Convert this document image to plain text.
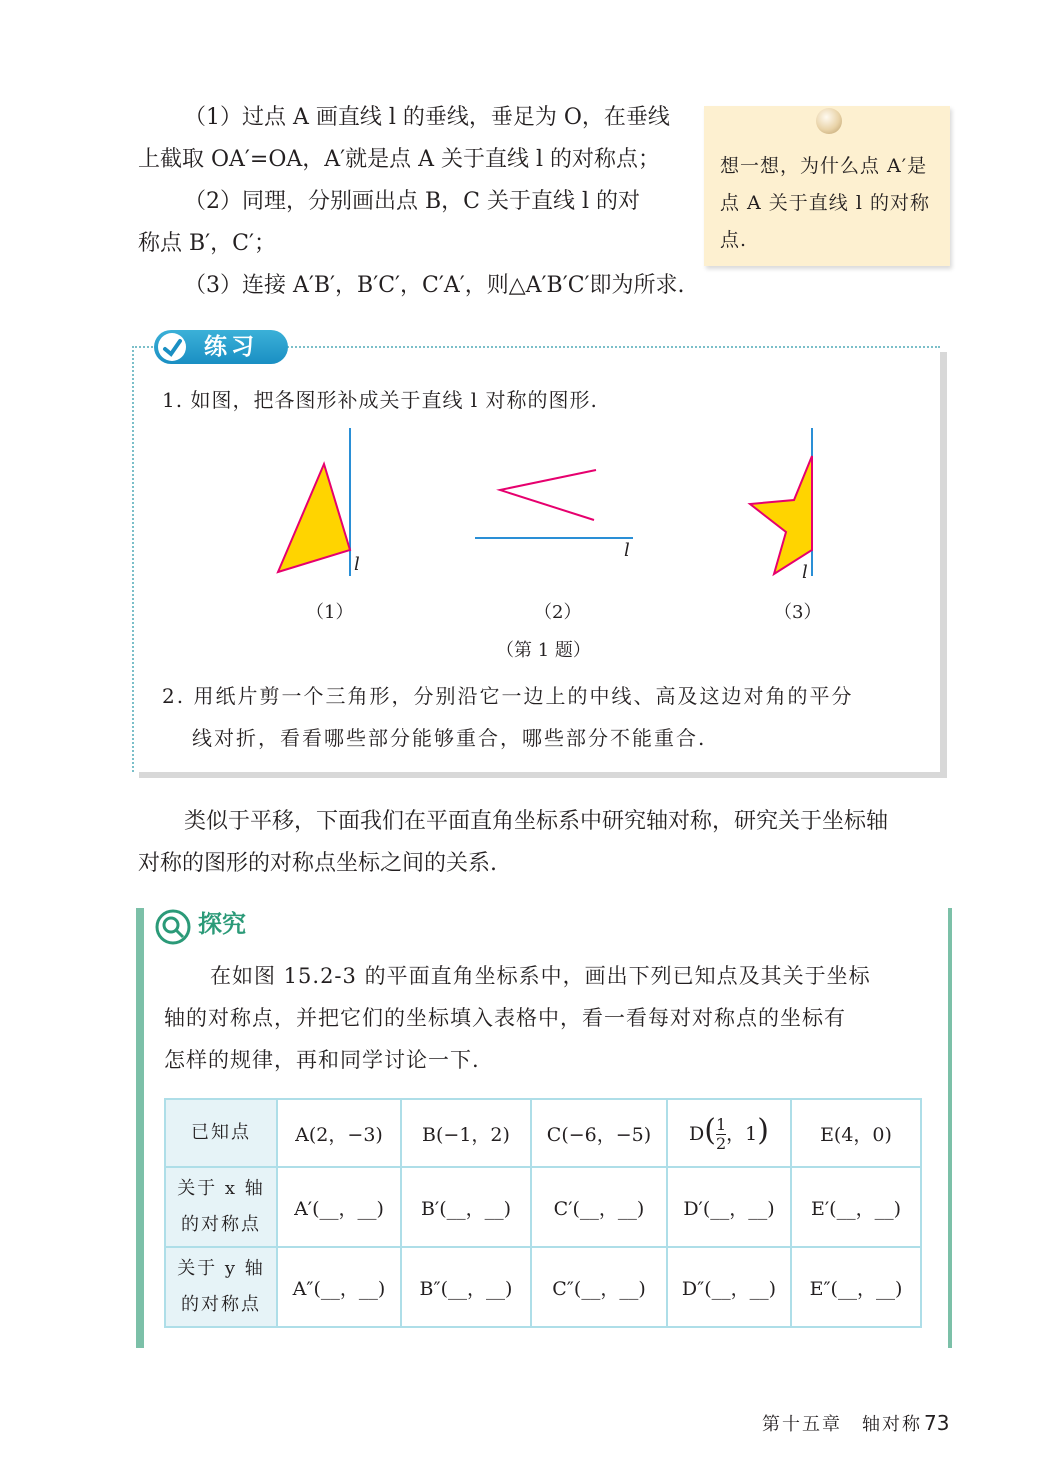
（1）过点 A 画直线 l 的垂线，垂足为 O，在垂线
上截取 OA′=OA，A′就是点 A 关于直线 l 的对称点；
（2）同理，分别画出点 B，C 关于直线 l 的对
称点 B′，C′；
（3）连接 A′B′，B′C′，C′A′，则△A′B′C′即为所求.
想一想，为什么点 A′是点 A 关于直线 l 的对称点.
练习
1. 如图，把各图形补成关于直线 l 对称的图形.
l
（1）
l
（2）
l
（3）
（第 1 题）
2. 用纸片剪一个三角形，分别沿它一边上的中线、高及这边对角的平分
线对折，看看哪些部分能够重合，哪些部分不能重合.
类似于平移，下面我们在平面直角坐标系中研究轴对称，研究关于坐标轴
对称的图形的对称点坐标之间的关系.
探究
在如图 15.2-3 的平面直角坐标系中，画出下列已知点及其关于坐标
轴的对称点，并把它们的坐标填入表格中，看一看每对对称点的坐标有
怎样的规律，再和同学讨论一下.
已知点	A(2，−3)	B(−1，2)	C(−6，−5)	$D( \frac{1}{2}$ ，1)	E(4，0)
关于 x 轴
的对称点	A′(__，__)	B′(__，__)	C′(__，__)	D′(__，__)	E′(__，__)
关于 y 轴
的对称点	A″(__，__)	B″(__，__)	C″(__，__)	D″(__，__)	E″(__，__)
第十五章　轴对称 73
